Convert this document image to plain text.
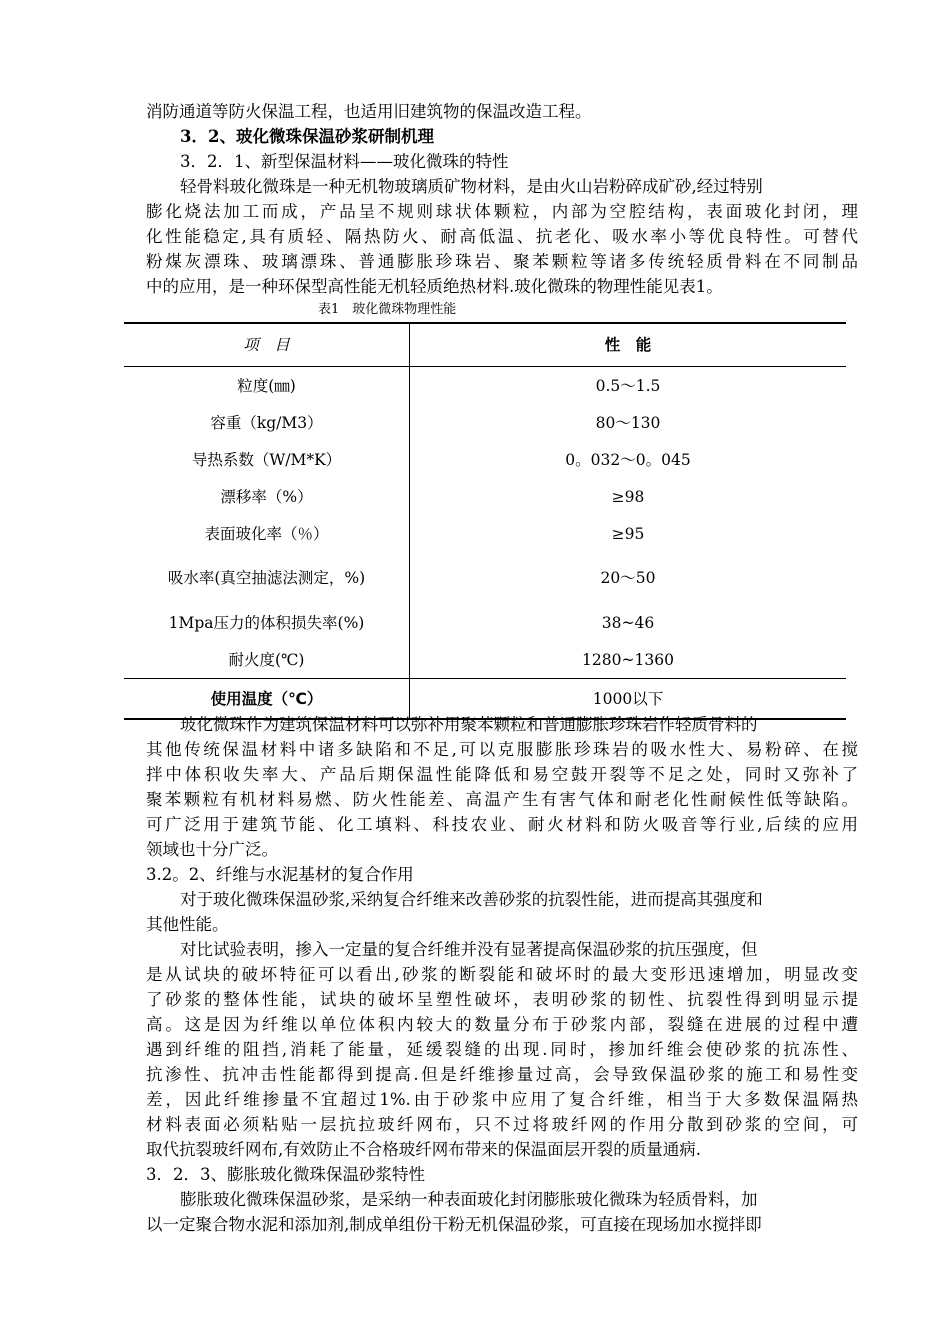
消防通道等防火保温工程，也适用旧建筑物的保温改造工程。
3．2、玻化微珠保温砂浆研制机理
3．2．1、新型保温材料——玻化微珠的特性
轻骨料玻化微珠是一种无机物玻璃质矿物材料，是由火山岩粉碎成矿砂,经过特别
膨化烧法加工而成，产品呈不规则球状体颗粒，内部为空腔结构，表面玻化封闭，理
化性能稳定,具有质轻、隔热防火、耐高低温、抗老化、吸水率小等优良特性。可替代
粉煤灰漂珠、玻璃漂珠、普通膨胀珍珠岩、聚苯颗粒等诸多传统轻质骨料在不同制品
中的应用，是一种环保型高性能无机轻质绝热材料.玻化微珠的物理性能见表1。
表1　玻化微珠物理性能
项　目	性　能
粒度(㎜)	0.5～1.5
容重（kg/M3）	80～130
导热系数（W/M*K）	0。032～0。045
漂移率（%）	≥98
表面玻化率（％）	≥95
吸水率(真空抽滤法测定，%)	20～50
1Mpa压力的体积损失率(%)	38~46
耐火度(℃)	1280~1360
使用温度（℃）	1000以下
玻化微珠作为建筑保温材料可以弥补用聚苯颗粒和普通膨胀珍珠岩作轻质骨料的
其他传统保温材料中诸多缺陷和不足,可以克服膨胀珍珠岩的吸水性大、易粉碎、在搅
拌中体积收失率大、产品后期保温性能降低和易空鼓开裂等不足之处，同时又弥补了
聚苯颗粒有机材料易燃、防火性能差、高温产生有害气体和耐老化性耐候性低等缺陷。
可广泛用于建筑节能、化工填料、科技农业、耐火材料和防火吸音等行业,后续的应用
领域也十分广泛。
3.2。2、纤维与水泥基材的复合作用
对于玻化微珠保温砂浆,采纳复合纤维来改善砂浆的抗裂性能，进而提高其强度和
其他性能。
对比试验表明，掺入一定量的复合纤维并没有显著提高保温砂浆的抗压强度，但
是从试块的破坏特征可以看出,砂浆的断裂能和破坏时的最大变形迅速增加，明显改变
了砂浆的整体性能，试块的破坏呈塑性破坏，表明砂浆的韧性、抗裂性得到明显示提
高。这是因为纤维以单位体积内较大的数量分布于砂浆内部，裂缝在进展的过程中遭
遇到纤维的阻挡,消耗了能量，延缓裂缝的出现.同时，掺加纤维会使砂浆的抗冻性、
抗渗性、抗冲击性能都得到提高.但是纤维掺量过高，会导致保温砂浆的施工和易性变
差，因此纤维掺量不宜超过1%.由于砂浆中应用了复合纤维，相当于大多数保温隔热
材料表面必须粘贴一层抗拉玻纤网布，只不过将玻纤网的作用分散到砂浆的空间，可
取代抗裂玻纤网布,有效防止不合格玻纤网布带来的保温面层开裂的质量通病.
3．2．3、膨胀玻化微珠保温砂浆特性
膨胀玻化微珠保温砂浆，是采纳一种表面玻化封闭膨胀玻化微珠为轻质骨料，加
以一定聚合物水泥和添加剂,制成单组份干粉无机保温砂浆，可直接在现场加水搅拌即
